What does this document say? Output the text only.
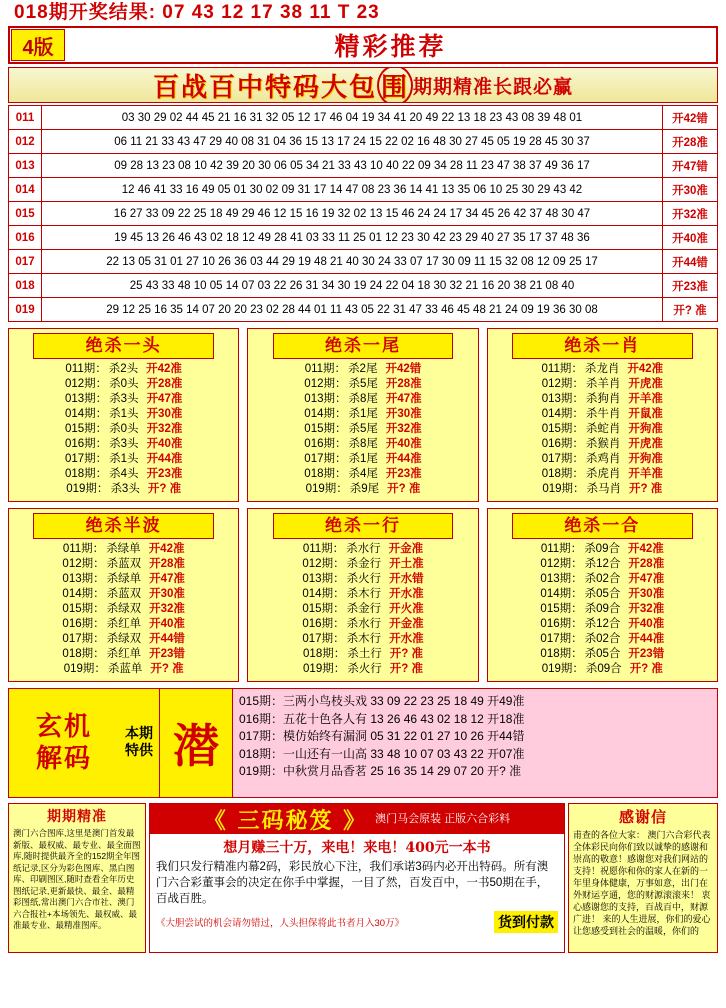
018期开奖结果: 07 43 12 17 38 11 T 23
4版	精彩推荐
百战百中特码大包 围 期期精准长跟必赢
011	03 30 29 02 44 45 21 16 31 32 05 12 17 46 04 19 34 41 20 49 22 13 18 23 43 08 39 48 01	开42错
012	06 11 21 33 43 47 29 40 08 31 04 36 15 13 17 24 15 22 02 16 48 30 27 45 05 19 28 45 30 37	开28准
013	09 28 13 23 08 10 42 39 20 30 06 05 34 21 33 43 10 40 22 09 34 28 11 23 47 38 37 49 36 17	开47错
014	12 46 41 33 16 49 05 01 30 02 09 31 17 14 47 08 23 36 14 41 13 35 06 10 25 30 29 43 42	开30准
015	16 27 33 09 22 25 18 49 29 46 12 15 16 19 32 02 13 15 46 24 24 17 34 45 26 42 37 48 30 47	开32准
016	19 45 13 26 46 43 02 18 12 49 28 41 03 33 11 25 01 12 23 30 42 23 29 40 27 35 17 37 48 36	开40准
017	22 13 05 31 01 27 10 26 36 03 44 29 19 48 21 40 30 24 33 07 17 30 09 11 15 32 08 12 09 25 17	开44错
018	25 43 33 48 10 05 14 07 03 22 26 31 34 30 19 24 22 04 18 30 32 21 16 20 38 21 08 40	开23准
019	29 12 25 16 35 14 07 20 20 23 02 28 44 01 11 43 05 22 31 47 33 46 45 48 21 24 09 19 36 30 08	开? 准
绝杀一头
011期： 杀2头 开42准
012期： 杀0头 开28准
013期： 杀3头 开47准
014期： 杀1头 开30准
015期： 杀0头 开32准
016期： 杀3头 开40准
017期： 杀1头 开44准
018期： 杀4头 开23准
019期： 杀3头 开? 准
绝杀一尾
011期： 杀2尾 开42错
012期： 杀5尾 开28准
013期： 杀8尾 开47准
014期： 杀1尾 开30准
015期： 杀5尾 开32准
016期： 杀8尾 开40准
017期： 杀1尾 开44准
018期： 杀4尾 开23准
019期： 杀9尾 开? 准
绝杀一肖
011期： 杀龙肖 开42准
012期： 杀羊肖 开虎准
013期： 杀狗肖 开羊准
014期： 杀牛肖 开鼠准
015期： 杀蛇肖 开狗准
016期： 杀猴肖 开虎准
017期： 杀鸡肖 开狗准
018期： 杀虎肖 开羊准
019期： 杀马肖 开? 准
绝杀半波
011期： 杀绿单 开42准
012期： 杀蓝双 开28准
013期： 杀绿单 开47准
014期： 杀蓝双 开30准
015期： 杀绿双 开32准
016期： 杀红单 开40准
017期： 杀绿双 开44错
018期： 杀红单 开23错
019期： 杀蓝单 开? 准
绝杀一行
011期： 杀水行 开金准
012期： 杀金行 开土准
013期： 杀火行 开水错
014期： 杀木行 开水准
015期： 杀金行 开火准
016期： 杀水行 开金准
017期： 杀木行 开水准
018期： 杀土行 开? 准
019期： 杀火行 开? 准
绝杀一合
011期： 杀09合 开42准
012期： 杀12合 开28准
013期： 杀02合 开47准
014期： 杀05合 开30准
015期： 杀09合 开32准
016期： 杀12合 开40准
017期： 杀02合 开44准
018期： 杀05合 开23错
019期： 杀09合 开? 准
玄机
解码
本期
特供 潜
015期：三两小鸟枝头戏 33 09 22 23 25 18 49 开49准
016期：五花十色各人有 13 26 46 43 02 18 12 开18准
017期：模仿始终有漏洞 05 31 22 01 27 10 26 开44错
018期：一山还有一山高 33 48 10 07 03 43 22 开07准
019期：中秋赏月品香茗 25 16 35 14 29 07 20 开? 准
期期精准
澳门六合图库,这里是澳门首发最新版、最权威、最专业、最全面图库,随时提供最齐全的152期全年图纸记录,区分为彩色图库、黑白图库、印刷图区,随时查看全年历史图纸记录,更新最快、最全、最精彩图纸,常出澳门六合市社、澳门六合报社+本场领先、最权威、最准最专业、最精准图库。
《 三码秘笈 》 澳门马会原装 正版六合彩料
想月赚三十万，来电！来电！400元一本书
我们只发行精准内幕2码，彩民放心下注，我们承诺3码内必开出特码。所有澳门六合彩董事会的决定在你手中掌握，一目了然，百发百中，一书50期在手，百战百胜。
《大胆尝试的机会请勿错过，人头担保将此书者月入30万》	货到付款
感谢信
甫查的各位大家： 澳门六合彩代表全体彩民向你们致以诚挚的感谢和崇高的敬意！感谢您对我们网站的支持！祝愿你和你的家人在新的一年里身体健康，万事如意，出门在外财运亨通，您的财源滚滚来！ 衷心感谢您的支持，百战百中，财源广进！ 来的人生进展，你们的爱心让您感受到社会的温暖，你们的
